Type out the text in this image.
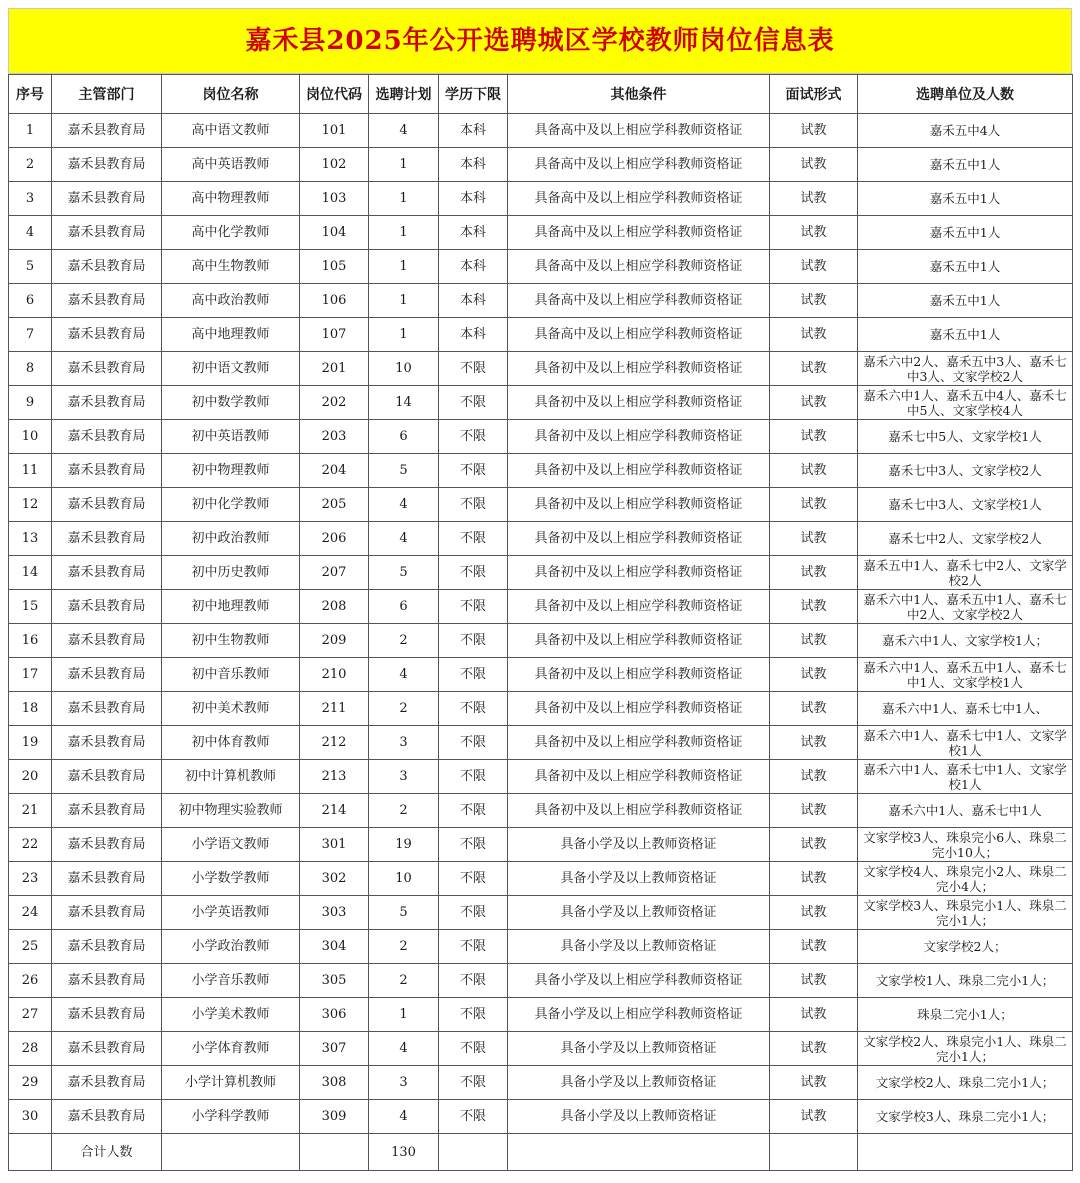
嘉禾县2025年公开选聘城区学校教师岗位信息表
序号	主管部门	岗位名称	岗位代码	选聘计划	学历下限	其他条件	面试形式	选聘单位及人数
1	嘉禾县教育局	高中语文教师	101	4	本科	具备高中及以上相应学科教师资格证	试教	嘉禾五中4人
2	嘉禾县教育局	高中英语教师	102	1	本科	具备高中及以上相应学科教师资格证	试教	嘉禾五中1人
3	嘉禾县教育局	高中物理教师	103	1	本科	具备高中及以上相应学科教师资格证	试教	嘉禾五中1人
4	嘉禾县教育局	高中化学教师	104	1	本科	具备高中及以上相应学科教师资格证	试教	嘉禾五中1人
5	嘉禾县教育局	高中生物教师	105	1	本科	具备高中及以上相应学科教师资格证	试教	嘉禾五中1人
6	嘉禾县教育局	高中政治教师	106	1	本科	具备高中及以上相应学科教师资格证	试教	嘉禾五中1人
7	嘉禾县教育局	高中地理教师	107	1	本科	具备高中及以上相应学科教师资格证	试教	嘉禾五中1人
8	嘉禾县教育局	初中语文教师	201	10	不限	具备初中及以上相应学科教师资格证	试教	嘉禾六中2人、嘉禾五中3人、嘉禾七中3人、文家学校2人
9	嘉禾县教育局	初中数学教师	202	14	不限	具备初中及以上相应学科教师资格证	试教	嘉禾六中1人、嘉禾五中4人、嘉禾七中5人、文家学校4人
10	嘉禾县教育局	初中英语教师	203	6	不限	具备初中及以上相应学科教师资格证	试教	嘉禾七中5人、文家学校1人
11	嘉禾县教育局	初中物理教师	204	5	不限	具备初中及以上相应学科教师资格证	试教	嘉禾七中3人、文家学校2人
12	嘉禾县教育局	初中化学教师	205	4	不限	具备初中及以上相应学科教师资格证	试教	嘉禾七中3人、文家学校1人
13	嘉禾县教育局	初中政治教师	206	4	不限	具备初中及以上相应学科教师资格证	试教	嘉禾七中2人、文家学校2人
14	嘉禾县教育局	初中历史教师	207	5	不限	具备初中及以上相应学科教师资格证	试教	嘉禾五中1人、嘉禾七中2人、文家学校2人
15	嘉禾县教育局	初中地理教师	208	6	不限	具备初中及以上相应学科教师资格证	试教	嘉禾六中1人、嘉禾五中1人、嘉禾七中2人、文家学校2人
16	嘉禾县教育局	初中生物教师	209	2	不限	具备初中及以上相应学科教师资格证	试教	嘉禾六中1人、文家学校1人；
17	嘉禾县教育局	初中音乐教师	210	4	不限	具备初中及以上相应学科教师资格证	试教	嘉禾六中1人、嘉禾五中1人、嘉禾七中1人、文家学校1人
18	嘉禾县教育局	初中美术教师	211	2	不限	具备初中及以上相应学科教师资格证	试教	嘉禾六中1人、嘉禾七中1人、
19	嘉禾县教育局	初中体育教师	212	3	不限	具备初中及以上相应学科教师资格证	试教	嘉禾六中1人、嘉禾七中1人、文家学校1人
20	嘉禾县教育局	初中计算机教师	213	3	不限	具备初中及以上相应学科教师资格证	试教	嘉禾六中1人、嘉禾七中1人、文家学校1人
21	嘉禾县教育局	初中物理实验教师	214	2	不限	具备初中及以上相应学科教师资格证	试教	嘉禾六中1人、嘉禾七中1人
22	嘉禾县教育局	小学语文教师	301	19	不限	具备小学及以上教师资格证	试教	文家学校3人、珠泉完小6人、珠泉二完小10人；
23	嘉禾县教育局	小学数学教师	302	10	不限	具备小学及以上教师资格证	试教	文家学校4人、珠泉完小2人、珠泉二完小4人；
24	嘉禾县教育局	小学英语教师	303	5	不限	具备小学及以上教师资格证	试教	文家学校3人、珠泉完小1人、珠泉二完小1人；
25	嘉禾县教育局	小学政治教师	304	2	不限	具备小学及以上教师资格证	试教	文家学校2人；
26	嘉禾县教育局	小学音乐教师	305	2	不限	具备小学及以上相应学科教师资格证	试教	文家学校1人、珠泉二完小1人；
27	嘉禾县教育局	小学美术教师	306	1	不限	具备小学及以上相应学科教师资格证	试教	珠泉二完小1人；
28	嘉禾县教育局	小学体育教师	307	4	不限	具备小学及以上教师资格证	试教	文家学校2人、珠泉完小1人、珠泉二完小1人；
29	嘉禾县教育局	小学计算机教师	308	3	不限	具备小学及以上教师资格证	试教	文家学校2人、珠泉二完小1人；
30	嘉禾县教育局	小学科学教师	309	4	不限	具备小学及以上教师资格证	试教	文家学校3人、珠泉二完小1人；
	合计人数			130				
